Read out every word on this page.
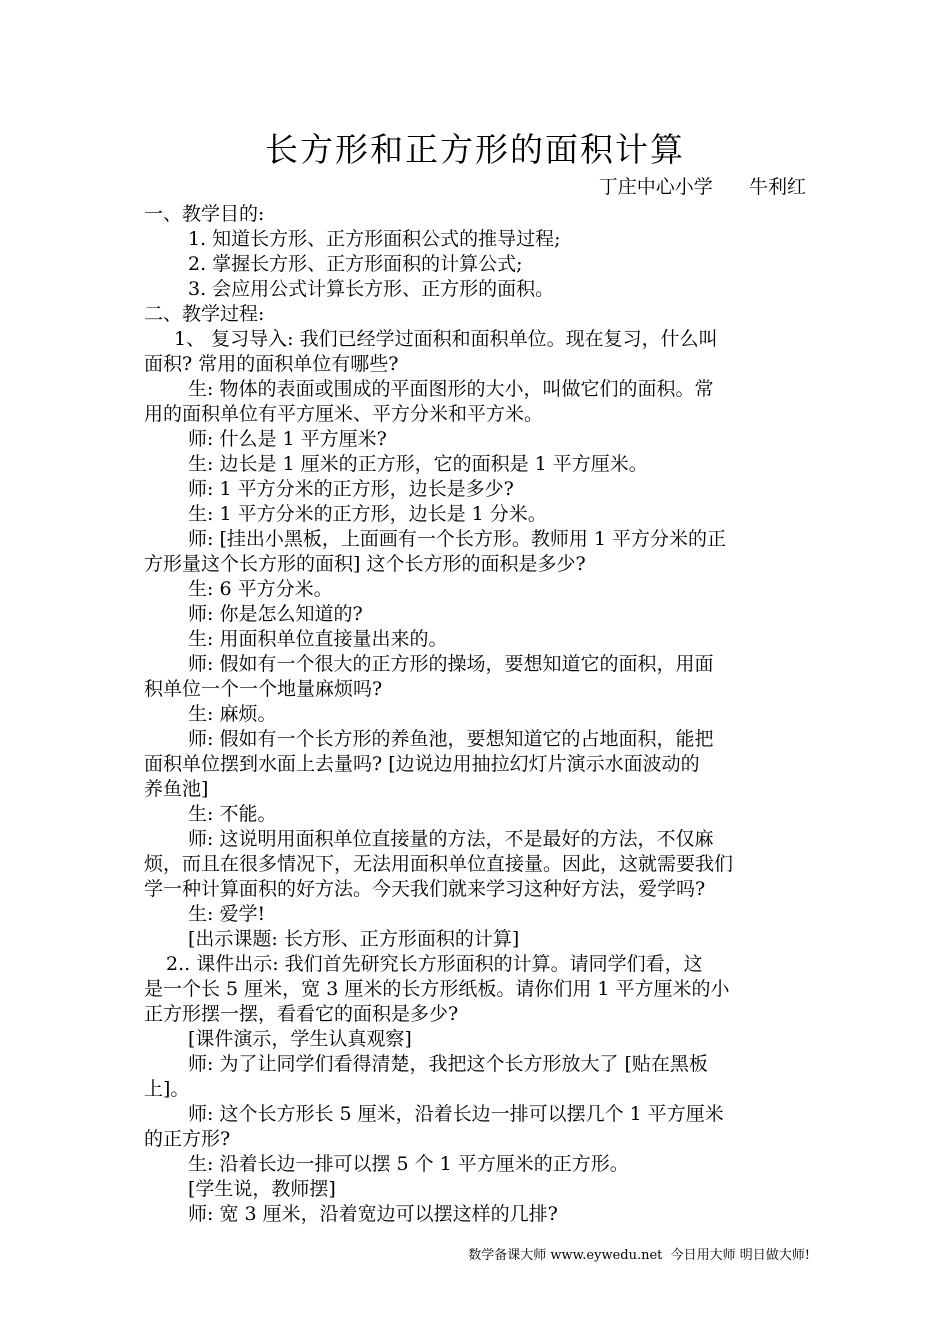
长方形和正方形的面积计算
丁庄中心小学      牛利红
一、教学目的:
1. 知道长方形、正方形面积公式的推导过程;
2. 掌握长方形、正方形面积的计算公式;
3. 会应用公式计算长方形、正方形的面积。
二、教学过程:
1、 复习导入: 我们已经学过面积和面积单位。现在复习，什么叫
面积? 常用的面积单位有哪些?
生: 物体的表面或围成的平面图形的大小，叫做它们的面积。常
用的面积单位有平方厘米、平方分米和平方米。
师: 什么是 1 平方厘米?
生: 边长是 1 厘米的正方形，它的面积是 1 平方厘米。
师: 1 平方分米的正方形，边长是多少?
生: 1 平方分米的正方形，边长是 1 分米。
师: [挂出小黑板，上面画有一个长方形。教师用 1 平方分米的正
方形量这个长方形的面积] 这个长方形的面积是多少?
生: 6 平方分米。
师: 你是怎么知道的?
生: 用面积单位直接量出来的。
师: 假如有一个很大的正方形的操场，要想知道它的面积，用面
积单位一个一个地量麻烦吗?
生: 麻烦。
师: 假如有一个长方形的养鱼池，要想知道它的占地面积，能把
面积单位摆到水面上去量吗? [边说边用抽拉幻灯片演示水面波动的
养鱼池]
生: 不能。
师: 这说明用面积单位直接量的方法，不是最好的方法，不仅麻
烦，而且在很多情况下，无法用面积单位直接量。因此，这就需要我们
学一种计算面积的好方法。今天我们就来学习这种好方法，爱学吗?
生: 爱学!
[出示课题: 长方形、正方形面积的计算]
2.. 课件出示: 我们首先研究长方形面积的计算。请同学们看，这
是一个长 5 厘米，宽 3 厘米的长方形纸板。请你们用 1 平方厘米的小
正方形摆一摆，看看它的面积是多少?
[课件演示，学生认真观察]
师: 为了让同学们看得清楚，我把这个长方形放大了 [贴在黑板
上]。
师: 这个长方形长 5 厘米，沿着长边一排可以摆几个 1 平方厘米
的正方形?
生: 沿着长边一排可以摆 5 个 1 平方厘米的正方形。
[学生说，教师摆]
师: 宽 3 厘米，沿着宽边可以摆这样的几排?
数学备课大师 www.eywedu.net  今日用大师 明日做大师!
